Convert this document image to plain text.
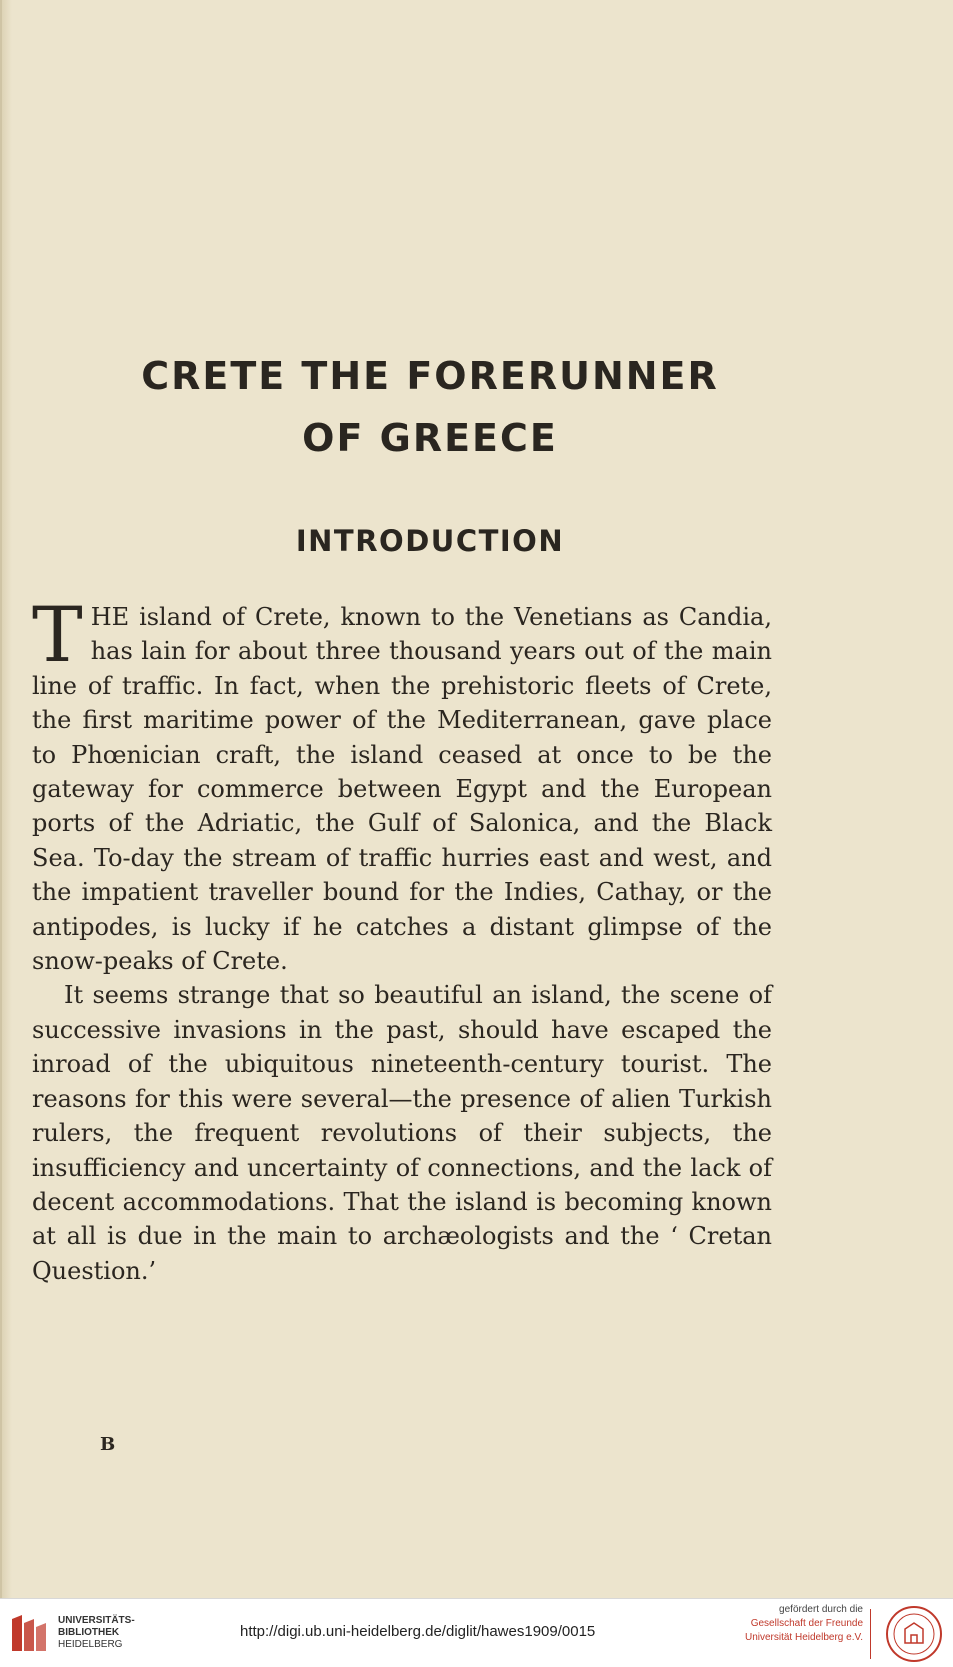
CRETE THE FORERUNNER
OF GREECE
INTRODUCTION

THE island of Crete, known to the Venetians as Candia, has lain for about three thousand years out of the main line of traffic. In fact, when the prehistoric fleets of Crete, the first maritime power of the Mediterranean, gave place to Phœnician craft, the island ceased at once to be the gateway for commerce between Egypt and the European ports of the Adriatic, the Gulf of Salonica, and the Black Sea. To-day the stream of traffic hurries east and west, and the impatient traveller bound for the Indies, Cathay, or the antipodes, is lucky if he catches a distant glimpse of the snow-peaks of Crete.

It seems strange that so beautiful an island, the scene of successive invasions in the past, should have escaped the inroad of the ubiquitous nineteenth-century tourist. The reasons for this were several—the presence of alien Turkish rulers, the frequent revolutions of their subjects, the insufficiency and uncertainty of connections, and the lack of decent accommodations. That the island is becoming known at all is due in the main to archæologists and the ‘ Cretan Question.’

B
UNIVERSITÄTS-
BIBLIOTHEK
HEIDELBERG
http://digi.ub.uni-heidelberg.de/diglit/hawes1909/0015
gefördert durch die
Gesellschaft der Freunde
Universität Heidelberg e.V.
